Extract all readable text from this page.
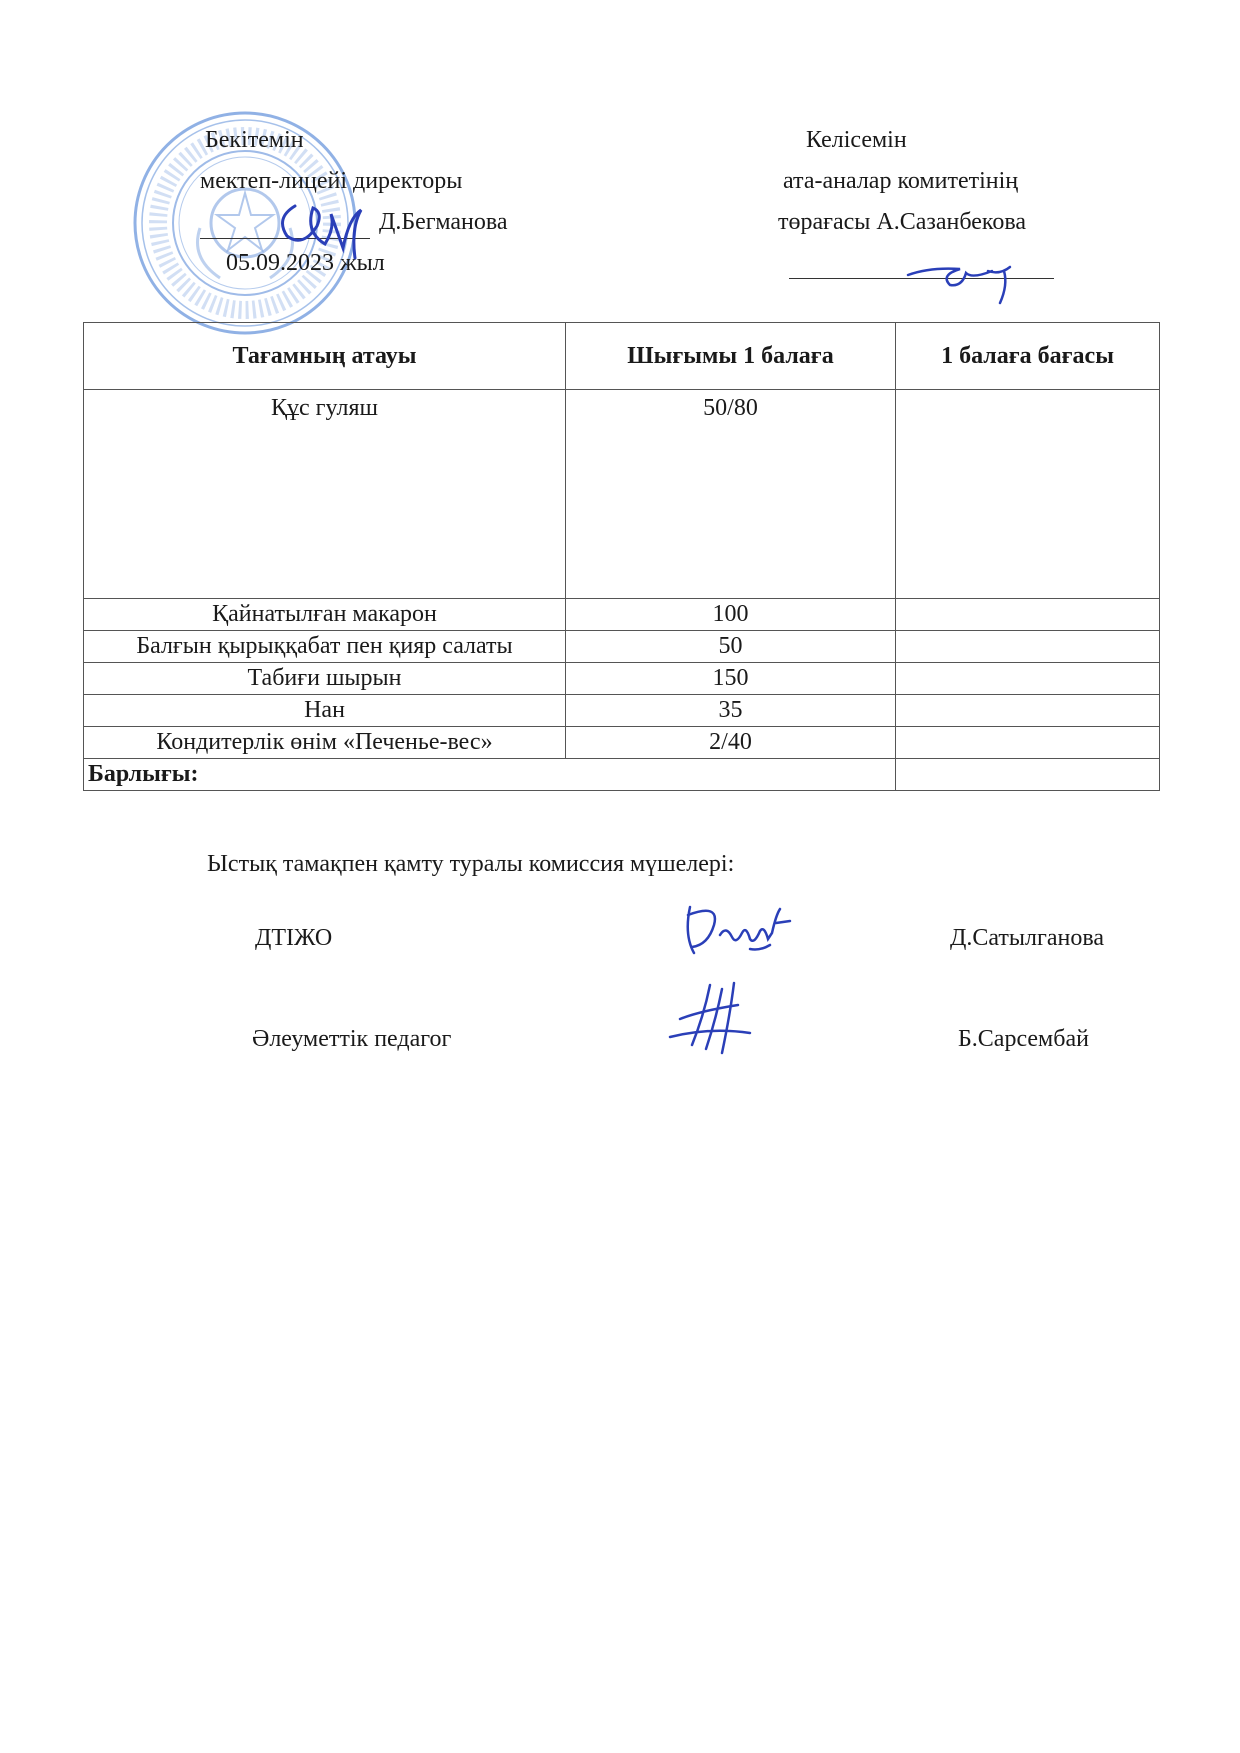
Бекітемін
мектеп-лицейі директоры
Д.Бегманова
05.09.2023 жыл
Келісемін
ата-аналар комитетінің
төрағасы А.Сазанбекова
Тағамның атауы	Шығымы 1 балаға	1 балаға бағасы
Құс гуляш	50/80	
Қайнатылған макарон	100	
Балғын қырыққабат пен қияр салаты	50	
Табиғи шырын	150	
Нан	35	
Кондитерлік өнім «Печенье-вес»	2/40	
Барлығы:		
Ыстық тамақпен қамту туралы комиссия мүшелері:
ДТІЖО	Д.Сатылганова
Әлеуметтік педагог	Б.Сарсембай
